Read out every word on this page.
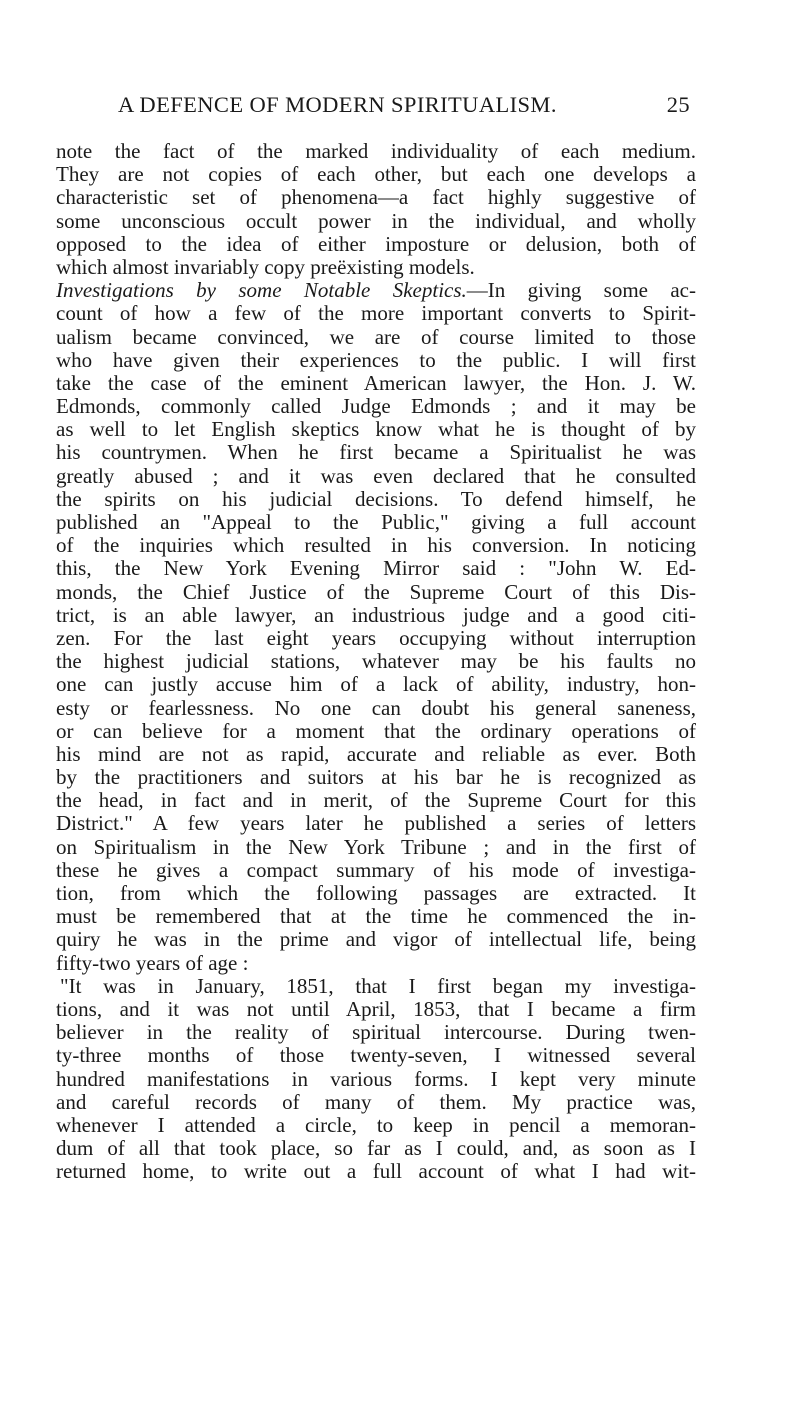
A DEFENCE OF MODERN SPIRITUALISM.	25
note the fact of the marked individuality of each medium.
They are not copies of each other, but each one develops a
characteristic set of phenomena—a fact highly suggestive of
some unconscious occult power in the individual, and wholly
opposed to the idea of either imposture or delusion, both of
which almost invariably copy preëxisting models.
Investigations by some Notable Skeptics.—In giving some ac-
count of how a few of the more important converts to Spirit-
ualism became convinced, we are of course limited to those
who have given their experiences to the public. I will first
take the case of the eminent American lawyer, the Hon. J. W.
Edmonds, commonly called Judge Edmonds ; and it may be
as well to let English skeptics know what he is thought of by
his countrymen. When he first became a Spiritualist he was
greatly abused ; and it was even declared that he consulted
the spirits on his judicial decisions. To defend himself, he
published an "Appeal to the Public," giving a full account
of the inquiries which resulted in his conversion. In noticing
this, the New York Evening Mirror said : "John W. Ed-
monds, the Chief Justice of the Supreme Court of this Dis-
trict, is an able lawyer, an industrious judge and a good citi-
zen. For the last eight years occupying without interruption
the highest judicial stations, whatever may be his faults no
one can justly accuse him of a lack of ability, industry, hon-
esty or fearlessness. No one can doubt his general saneness,
or can believe for a moment that the ordinary operations of
his mind are not as rapid, accurate and reliable as ever. Both
by the practitioners and suitors at his bar he is recognized as
the head, in fact and in merit, of the Supreme Court for this
District." A few years later he published a series of letters
on Spiritualism in the New York Tribune ; and in the first of
these he gives a compact summary of his mode of investiga-
tion, from which the following passages are extracted. It
must be remembered that at the time he commenced the in-
quiry he was in the prime and vigor of intellectual life, being
fifty-two years of age :
"It was in January, 1851, that I first began my investiga-
tions, and it was not until April, 1853, that I became a firm
believer in the reality of spiritual intercourse. During twen-
ty-three months of those twenty-seven, I witnessed several
hundred manifestations in various forms. I kept very minute
and careful records of many of them. My practice was,
whenever I attended a circle, to keep in pencil a memoran-
dum of all that took place, so far as I could, and, as soon as I
returned home, to write out a full account of what I had wit-
